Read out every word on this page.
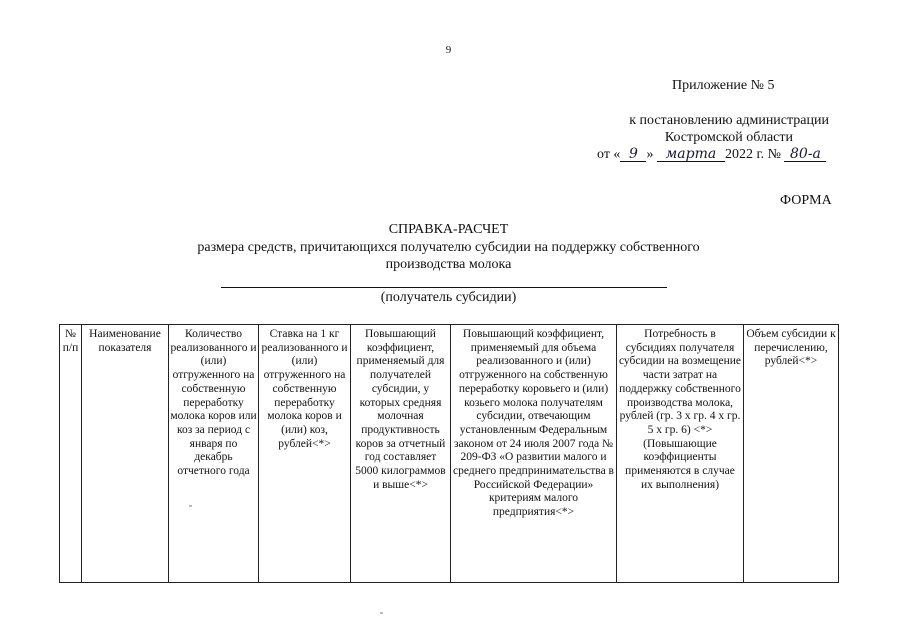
9
Приложение № 5
к постановлению администрации
Костромской области
от « 9 » марта 2022 г. № 80-а
ФОРМА
СПРАВКА-РАСЧЕТ
размера средств, причитающихся получателю субсидии на поддержку собственного производства молока
(получатель субсидии)
№ п/п	Наименование показателя	Количество реализованного и (или) отгруженного на собственную переработку молока коров или коз за период с января по декабрь отчетного года	Ставка на 1 кг реализованного и (или) отгруженного на собственную переработку молока коров и (или) коз, рублей<*>	Повышающий коэффициент, применяемый для получателей субсидии, у которых средняя молочная продуктивность коров за отчетный год составляет 5000 килограммов и выше<*>	Повышающий коэффициент, применяемый для объема реализованного и (или) отгруженного на собственную переработку коровьего и (или) козьего молока получателям субсидии, отвечающим установленным Федеральным законом от 24 июля 2007 года № 209-ФЗ «О развитии малого и среднего предпринимательства в Российской Федерации» критериям малого предприятия<*>	Потребность в субсидиях получателя субсидии на возмещение части затрат на поддержку собственного производства молока, рублей (гр. 3 х гр. 4 х гр. 5 х гр. 6) <*> (Повышающие коэффициенты применяются в случае их выполнения)	Объем субсидии к перечислению, рублей<*>
